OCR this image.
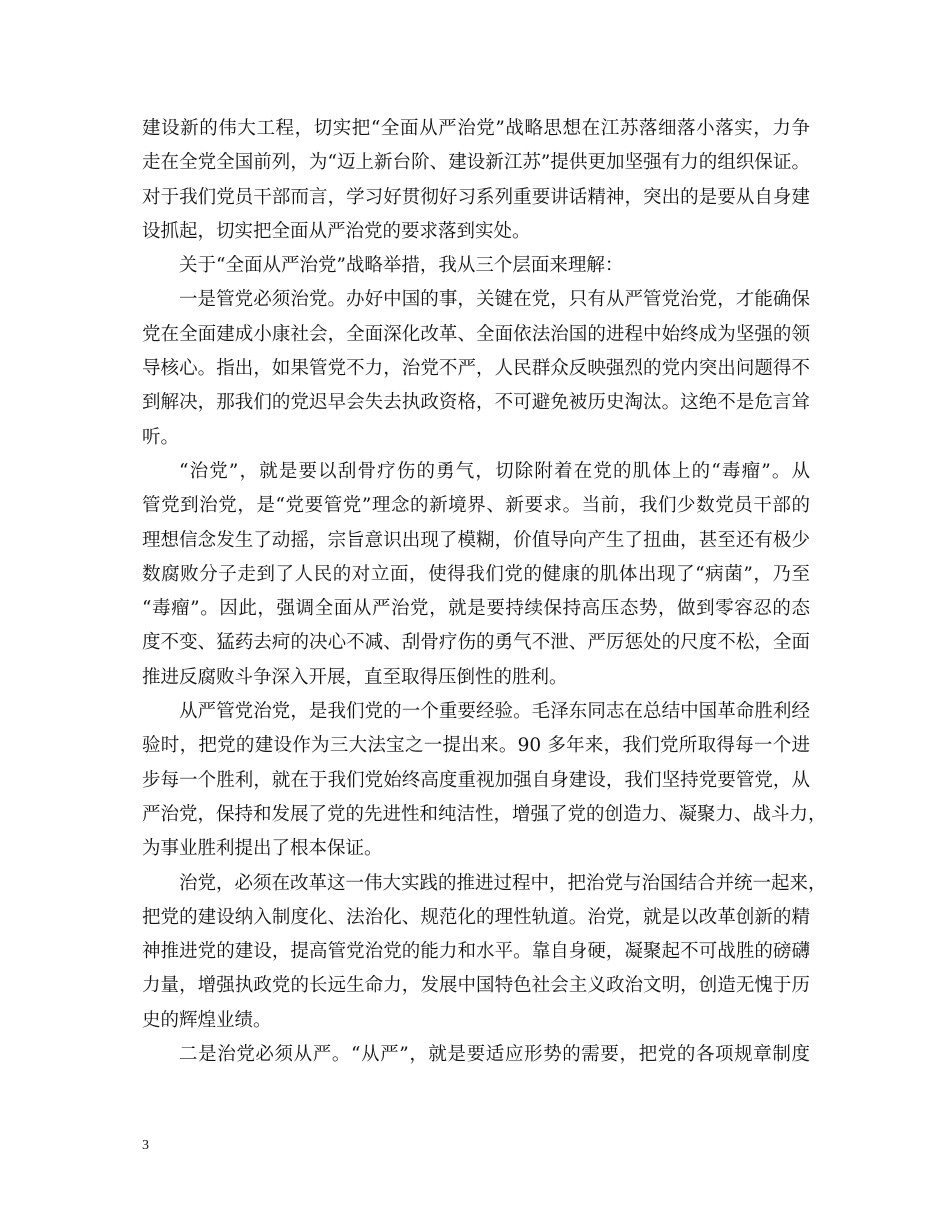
建设新的伟大工程，切实把“全面从严治党”战略思想在江苏落细落小落实，力争
走在全党全国前列，为“迈上新台阶、建设新江苏”提供更加坚强有力的组织保证。
对于我们党员干部而言，学习好贯彻好习系列重要讲话精神，突出的是要从自身建
设抓起，切实把全面从严治党的要求落到实处。
关于“全面从严治党”战略举措，我从三个层面来理解：
一是管党必须治党。办好中国的事，关键在党，只有从严管党治党，才能确保
党在全面建成小康社会，全面深化改革、全面依法治国的进程中始终成为坚强的领
导核心。指出，如果管党不力，治党不严，人民群众反映强烈的党内突出问题得不
到解决，那我们的党迟早会失去执政资格，不可避免被历史淘汰。这绝不是危言耸
听。
“治党”，就是要以刮骨疗伤的勇气，切除附着在党的肌体上的“毒瘤”。从
管党到治党，是“党要管党”理念的新境界、新要求。当前，我们少数党员干部的
理想信念发生了动摇，宗旨意识出现了模糊，价值导向产生了扭曲，甚至还有极少
数腐败分子走到了人民的对立面，使得我们党的健康的肌体出现了“病菌”，乃至
“毒瘤”。因此，强调全面从严治党，就是要持续保持高压态势，做到零容忍的态
度不变、猛药去疴的决心不减、刮骨疗伤的勇气不泄、严厉惩处的尺度不松，全面
推进反腐败斗争深入开展，直至取得压倒性的胜利。
从严管党治党，是我们党的一个重要经验。毛泽东同志在总结中国革命胜利经
验时，把党的建设作为三大法宝之一提出来。90 多年来，我们党所取得每一个进
步每一个胜利，就在于我们党始终高度重视加强自身建设，我们坚持党要管党，从
严治党，保持和发展了党的先进性和纯洁性，增强了党的创造力、凝聚力、战斗力，
为事业胜利提出了根本保证。
治党，必须在改革这一伟大实践的推进过程中，把治党与治国结合并统一起来，
把党的建设纳入制度化、法治化、规范化的理性轨道。治党，就是以改革创新的精
神推进党的建设，提高管党治党的能力和水平。靠自身硬，凝聚起不可战胜的磅礴
力量，增强执政党的长远生命力，发展中国特色社会主义政治文明，创造无愧于历
史的辉煌业绩。
二是治党必须从严。“从严”，就是要适应形势的需要，把党的各项规章制度
3
